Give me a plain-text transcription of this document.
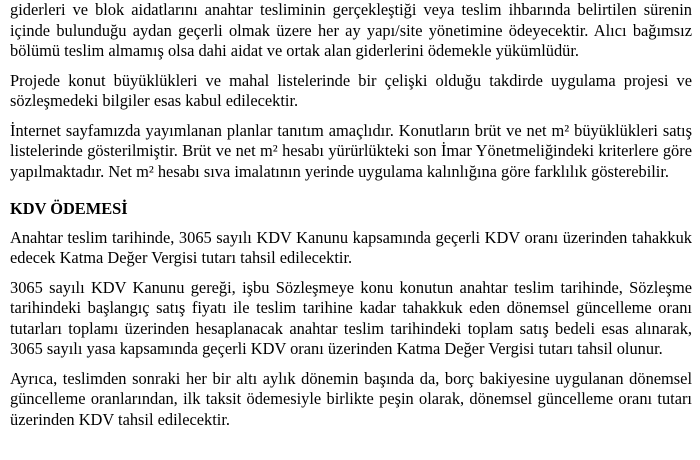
giderleri ve blok aidatlarını anahtar tesliminin gerçekleştiği veya teslim ihbarında belirtilen sürenin içinde bulunduğu aydan geçerli olmak üzere her ay yapı/site yönetimine ödeyecektir. Alıcı bağımsız bölümü teslim almamış olsa dahi aidat ve ortak alan giderlerini ödemekle yükümlüdür.

Projede konut büyüklükleri ve mahal listelerinde bir çelişki olduğu takdirde uygulama projesi ve sözleşmedeki bilgiler esas kabul edilecektir.

İnternet sayfamızda yayımlanan planlar tanıtım amaçlıdır. Konutların brüt ve net m² büyüklükleri satış listelerinde gösterilmiştir. Brüt ve net m² hesabı yürürlükteki son İmar Yönetmeliğindeki kriterlere göre yapılmaktadır. Net m² hesabı sıva imalatının yerinde uygulama kalınlığına göre farklılık gösterebilir.

KDV ÖDEMESİ

Anahtar teslim tarihinde, 3065 sayılı KDV Kanunu kapsamında geçerli KDV oranı üzerinden tahakkuk edecek Katma Değer Vergisi tutarı tahsil edilecektir.

3065 sayılı KDV Kanunu gereği, işbu Sözleşmeye konu konutun anahtar teslim tarihinde, Sözleşme tarihindeki başlangıç satış fiyatı ile teslim tarihine kadar tahakkuk eden dönemsel güncelleme oranı tutarları toplamı üzerinden hesaplanacak anahtar teslim tarihindeki toplam satış bedeli esas alınarak, 3065 sayılı yasa kapsamında geçerli KDV oranı üzerinden Katma Değer Vergisi tutarı tahsil olunur.

Ayrıca, teslimden sonraki her bir altı aylık dönemin başında da, borç bakiyesine uygulanan dönemsel güncelleme oranlarından, ilk taksit ödemesiyle birlikte peşin olarak, dönemsel güncelleme oranı tutarı üzerinden KDV tahsil edilecektir.
